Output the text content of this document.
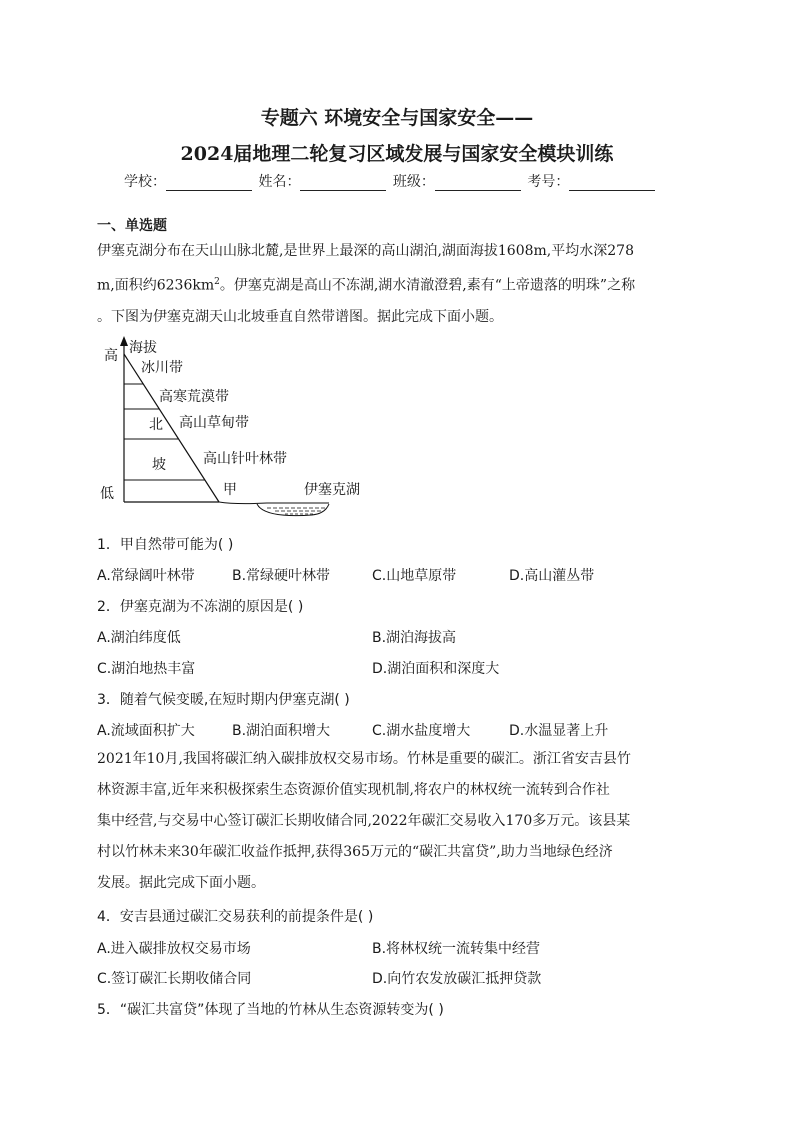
专题六 环境安全与国家安全——
2024届地理二轮复习区域发展与国家安全模块训练
学校：	姓名：	班级：	考号：
一、单选题
伊塞克湖分布在天山山脉北麓,是世界上最深的高山湖泊,湖面海拔1608m,平均水深278
m,面积约$6236km^2$。伊塞克湖是高山不冻湖,湖水清澈澄碧,素有“上帝遗落的明珠”之称
。下图为伊塞克湖天山北坡垂直自然带谱图。据此完成下面小题。
海拔
高
低
冰川带
高寒荒漠带
高山草甸带
高山针叶林带
甲
北
坡
伊塞克湖
1．甲自然带可能为( )
A.常绿阔叶林带	B.常绿硬叶林带	C.山地草原带	D.高山灌丛带
2．伊塞克湖为不冻湖的原因是( )
A.湖泊纬度低	B.湖泊海拔高
C.湖泊地热丰富	D.湖泊面积和深度大
3．随着气候变暖,在短时期内伊塞克湖( )
A.流域面积扩大	B.湖泊面积增大	C.湖水盐度增大	D.水温显著上升
2021年10月,我国将碳汇纳入碳排放权交易市场。竹林是重要的碳汇。浙江省安吉县竹
林资源丰富,近年来积极探索生态资源价值实现机制,将农户的林权统一流转到合作社
集中经营,与交易中心签订碳汇长期收储合同,2022年碳汇交易收入170多万元。该县某
村以竹林未来30年碳汇收益作抵押,获得365万元的“碳汇共富贷”,助力当地绿色经济
发展。据此完成下面小题。
4．安吉县通过碳汇交易获利的前提条件是( )
A.进入碳排放权交易市场	B.将林权统一流转集中经营
C.签订碳汇长期收储合同	D.向竹农发放碳汇抵押贷款
5．“碳汇共富贷”体现了当地的竹林从生态资源转变为( )
